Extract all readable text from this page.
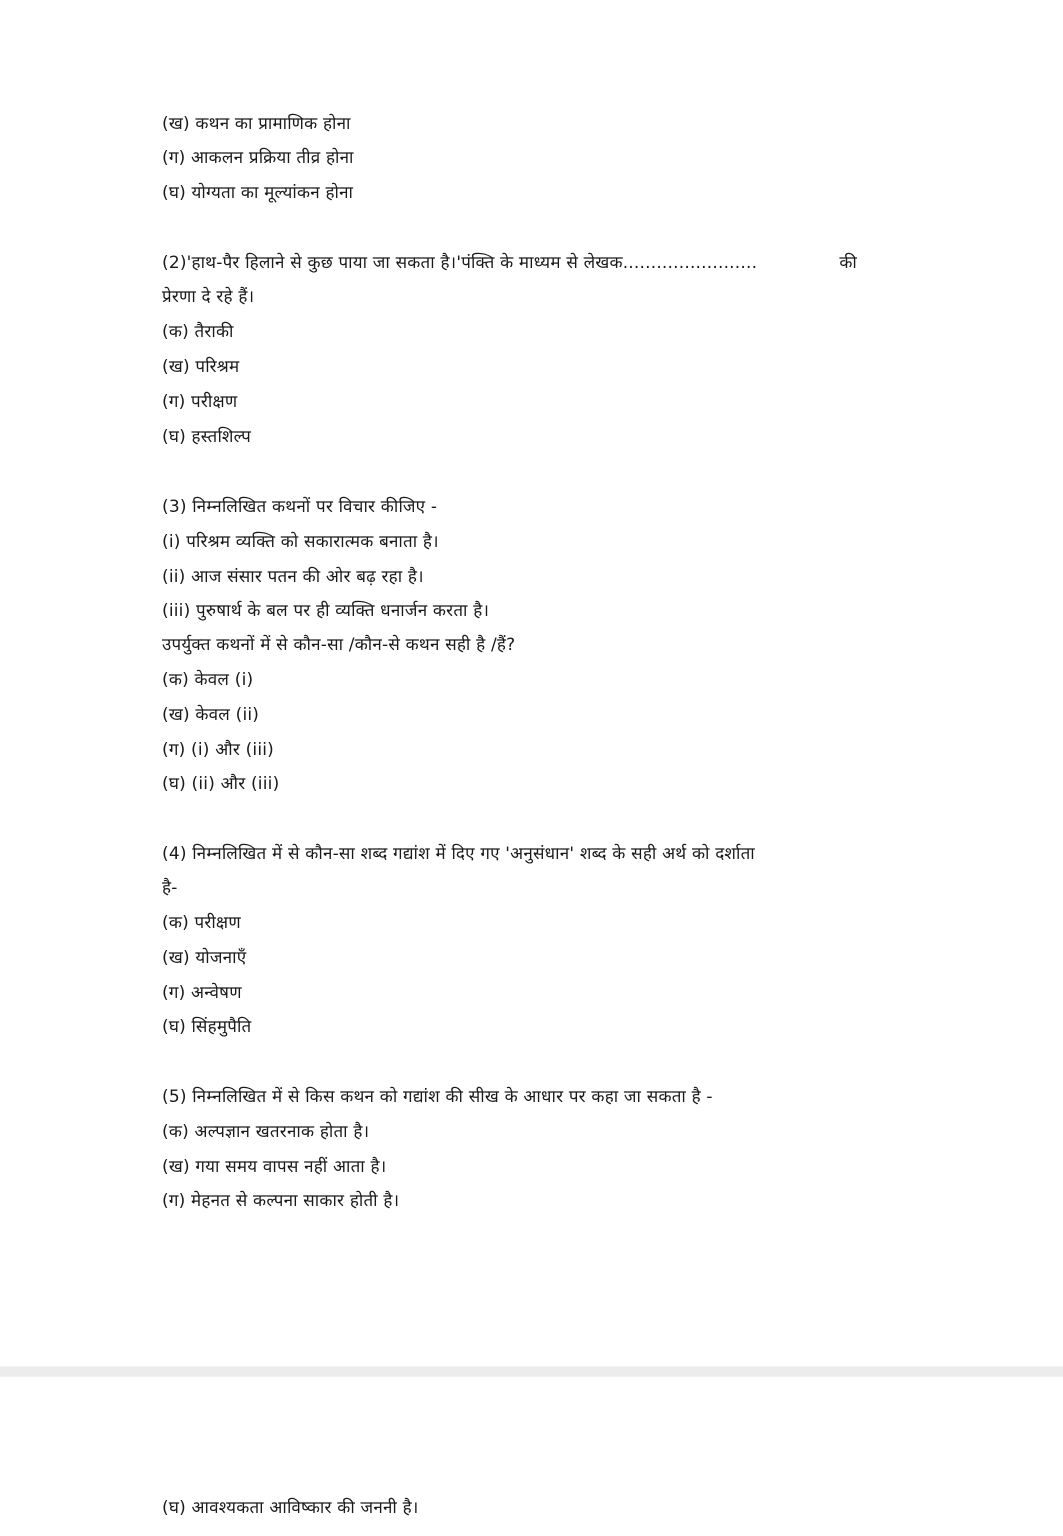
(ख) कथन का प्रामाणिक होना
(ग) आकलन प्रक्रिया तीव्र होना
(घ) योग्यता का मूल्यांकन होना
(2)'हाथ-पैर हिलाने से कुछ पाया जा सकता है।'पंक्ति के माध्यम से लेखक........................	की
प्रेरणा दे रहे हैं।
(क) तैराकी
(ख) परिश्रम
(ग) परीक्षण
(घ) हस्तशिल्प
(3) निम्नलिखित कथनों पर विचार कीजिए -
(i) परिश्रम व्यक्ति को सकारात्मक बनाता है।
(ii) आज संसार पतन की ओर बढ़ रहा है।
(iii) पुरुषार्थ के बल पर ही व्यक्ति धनार्जन करता है।
उपर्युक्त कथनों में से कौन-सा /कौन-से कथन सही है /हैं?
(क) केवल (i)
(ख) केवल (ii)
(ग) (i) और (iii)
(घ) (ii) और (iii)
(4) निम्नलिखित में से कौन-सा शब्द गद्यांश में दिए गए 'अनुसंधान' शब्द के सही अर्थ को दर्शाता
है-
(क) परीक्षण
(ख) योजनाएँ
(ग) अन्वेषण
(घ) सिंहमुपैति
(5) निम्नलिखित में से किस कथन को गद्यांश की सीख के आधार पर कहा जा सकता है -
(क) अल्पज्ञान खतरनाक होता है।
(ख) गया समय वापस नहीं आता है।
(ग) मेहनत से कल्पना साकार होती है।
(घ) आवश्यकता आविष्कार की जननी है।
